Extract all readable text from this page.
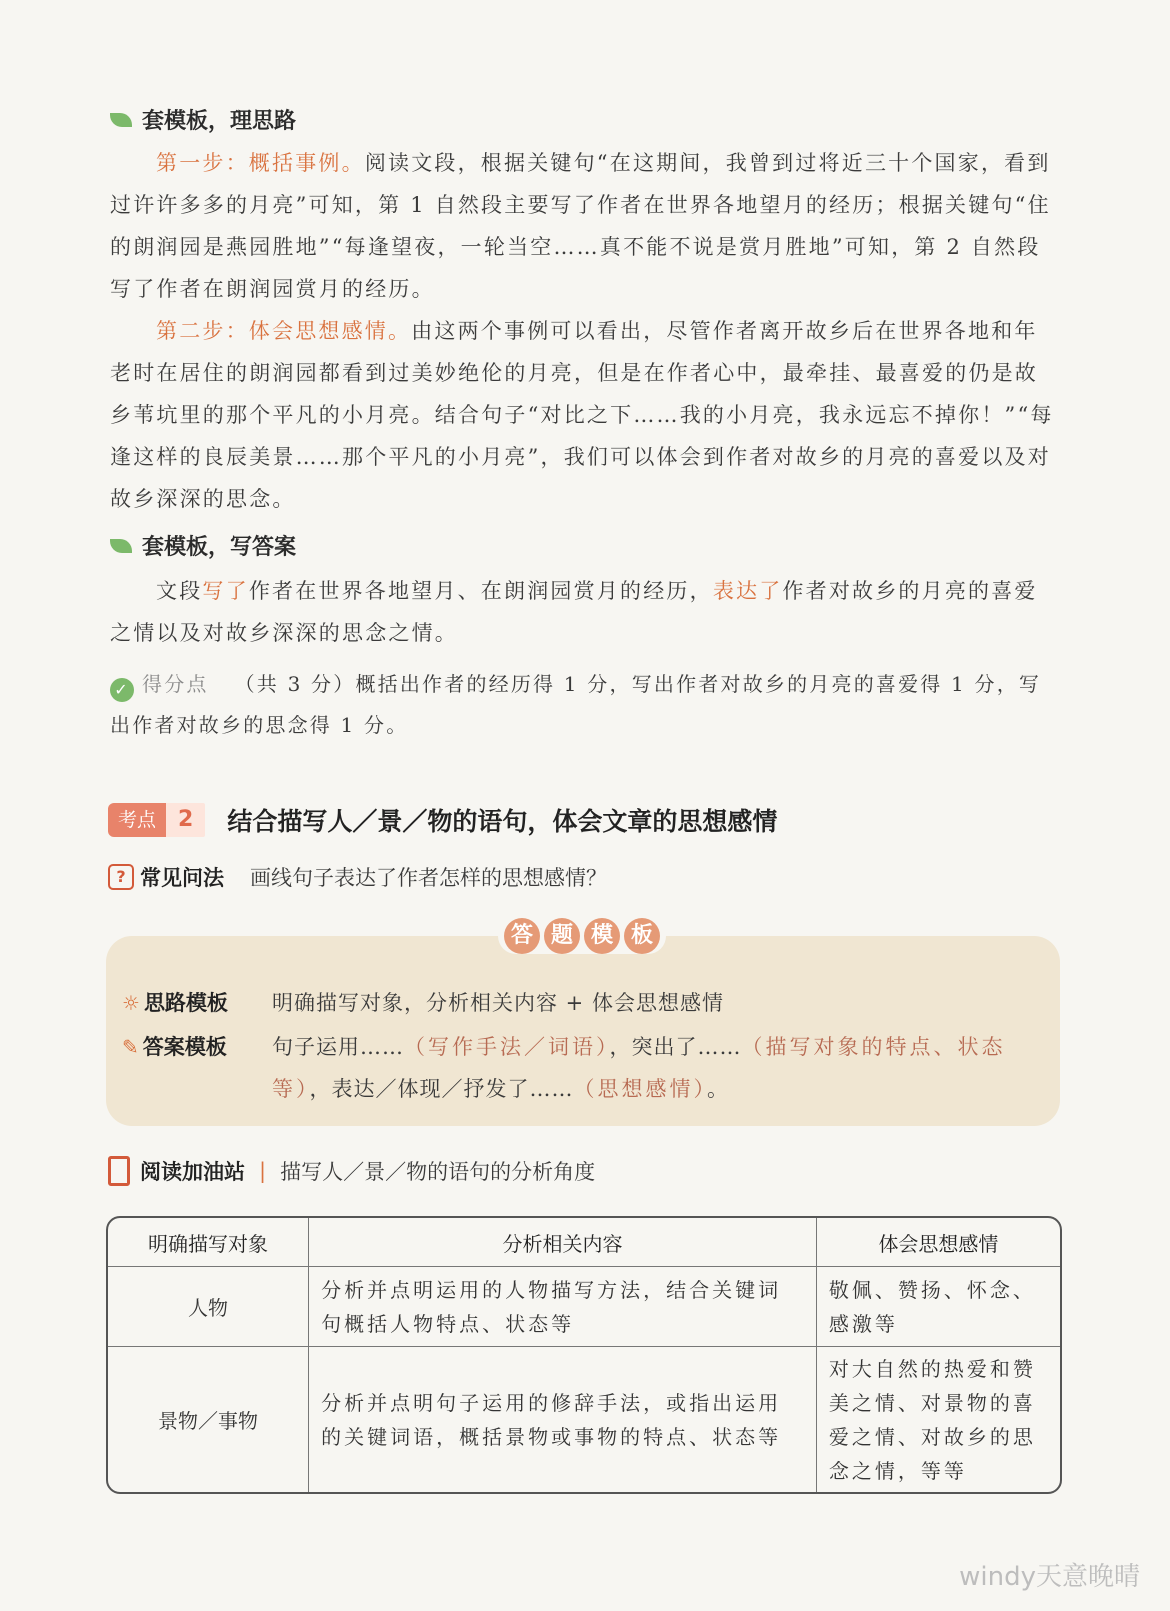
套模板，理思路

第一步：概括事例。阅读文段，根据关键句“在这期间，我曾到过将近三十个国家，看到过许许多多的月亮”可知，第 1 自然段主要写了作者在世界各地望月的经历；根据关键句“住的朗润园是燕园胜地”“每逢望夜，一轮当空……真不能不说是赏月胜地”可知，第 2 自然段写了作者在朗润园赏月的经历。

第二步：体会思想感情。由这两个事例可以看出，尽管作者离开故乡后在世界各地和年老时在居住的朗润园都看到过美妙绝伦的月亮，但是在作者心中，最牵挂、最喜爱的仍是故乡苇坑里的那个平凡的小月亮。结合句子“对比之下……我的小月亮，我永远忘不掉你！”“每逢这样的良辰美景……那个平凡的小月亮”，我们可以体会到作者对故乡的月亮的喜爱以及对故乡深深的思念。

套模板，写答案

文段写了作者在世界各地望月、在朗润园赏月的经历，表达了作者对故乡的月亮的喜爱之情以及对故乡深深的思念之情。

✓ 得分点 （共 3 分）概括出作者的经历得 1 分，写出作者对故乡的月亮的喜爱得 1 分，写出作者对故乡的思念得 1 分。
考点	2	结合描写人／景／物的语句，体会文章的思想感情
? 常见问法 画线句子表达了作者怎样的思想感情？
答 题 模 板
☼ 思路模板 明确描写对象，分析相关内容 + 体会思想感情
✎ 答案模板 句子运用……（写作手法／词语），突出了……（描写对象的特点、状态等），表达／体现／抒发了……（思想感情）。
阅读加油站 | 描写人／景／物的语句的分析角度
明确描写对象	分析相关内容	体会思想感情
人物	分析并点明运用的人物描写方法，结合关键词句概括人物特点、状态等	敬佩、赞扬、怀念、感激等
景物／事物	分析并点明句子运用的修辞手法，或指出运用的关键词语，概括景物或事物的特点、状态等	对大自然的热爱和赞美之情、对景物的喜爱之情、对故乡的思念之情，等等
windy天意晚晴
